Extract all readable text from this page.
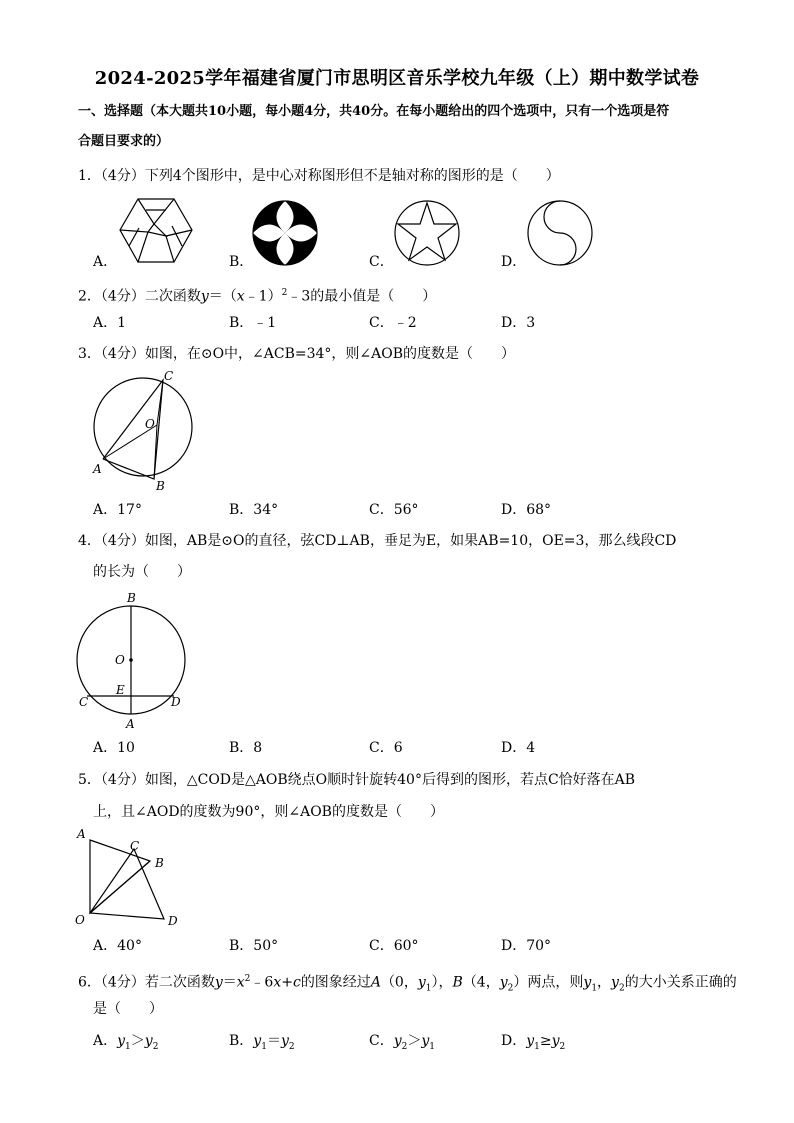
2024-2025学年福建省厦门市思明区音乐学校九年级（上）期中数学试卷
一、选择题（本大题共10小题，每小题4分，共40分。在每小题给出的四个选项中，只有一个选项是符
合题目要求的）
1．（4分）下列4个图形中，是中心对称图形但不是轴对称的图形的是（　　）
A．	B．	C．	D．
2．（4分）二次函数y＝（x﹣1）$^2$﹣3的最小值是（　　）
A．1	B．﹣1	C．﹣2	D．3
3．（4分）如图，在⊙O中，∠ACB=34°，则∠AOB的度数是（　　）
C
O
A
B
A．17°	B．34°	C．56°	D．68°
4．（4分）如图，AB是⊙O的直径，弦CD⊥AB，垂足为E，如果AB=10，OE=3，那么线段CD
的长为（　　）
B
O
E
C	D
A
A．10	B．8	C．6	D．4
5．（4分）如图，△COD是△AOB绕点O顺时针旋转40°后得到的图形，若点C恰好落在AB
上，且∠AOD的度数为90°，则∠AOB的度数是（　　）
A
C
B
O	D
A．40°	B．50°	C．60°	D．70°
6．（4分）若二次函数$y=x^2﹣6x+c$的图象经过A（0，$y_1$），B（4，$y_2$）两点，则$y_1$，$y_2$的大小关系正确的
是（　　）
A．$y_1>y_2$	B．$y_1=y_2$	C．$y_2>y_1$	D．$y_1\ge y_2$
